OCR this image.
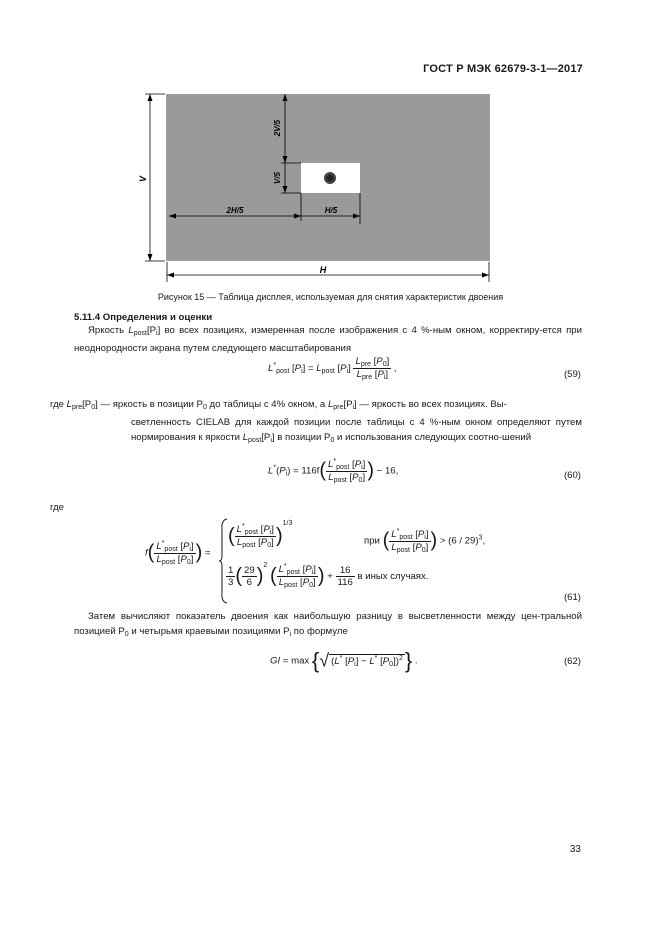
ГОСТ Р МЭК 62679-3-1—2017
V
H
2V/5
V/5
2H/5	H/5
Рисунок 15 — Таблица дисплея, используемая для снятия характеристик двоения
5.11.4 Определения и оценки
Яркость $L_{post}[P_i]$ во всех позициях, измеренная после изображения с 4 %-ным окном, корректиру-ется при неоднородности экрана путем следующего масштабирования
$L^*_{post}$ $[P_i] = L_{post}$ $[P_i] \frac{L_{pre} [P_0]}{L_{pre} [P_i]}$ ,
(59)
где $L_{pre}[P_0]$ — яркость в позиции $P_0$ до таблицы с 4% окном, а $L_{pre}[P_i]$ — яркость во всех позициях. Вы-
светленность CIELAB для каждой позиции после таблицы с 4 %-ным окном определяют путем нормирования к яркости $L_{post}[P_i]$ в позиции $P_0$ и использования следующих соотно-шений
$L^*(P_i) = 116f( \frac{L^*_{post} [P_i]}{L_{post} [P_0]}$ ) − 16,	(60)
где
$f( \frac{L^*_{post} [P_i]}{L_{post} [P_0]}$ ) =
( $\frac{L^*_{post} [P_i]}{L_{post} [P_0]} )^{1/3}$
при ( $\frac{L^*_{post} [P_i]}{L_{post} [P_0]}$ ) > (6 / 29)$^3$,
$\frac{1}{3}$ ( $\frac{29}{6} )^2$ ( $\frac{L^*_{post} [P_i]}{L_{post} [P_0]}$ ) + $\frac{16}{116}$ в иных случаях.
(61)
Затем вычисляют показатель двоения как наибольшую разницу в высветленности между цен-тральной позицией $P_0$ и четырьмя краевыми позициями $P_i$ по формуле
GI = max {√ (L* $[P_i] - L^*$ $[P_0])^2$} .	(62)
33
